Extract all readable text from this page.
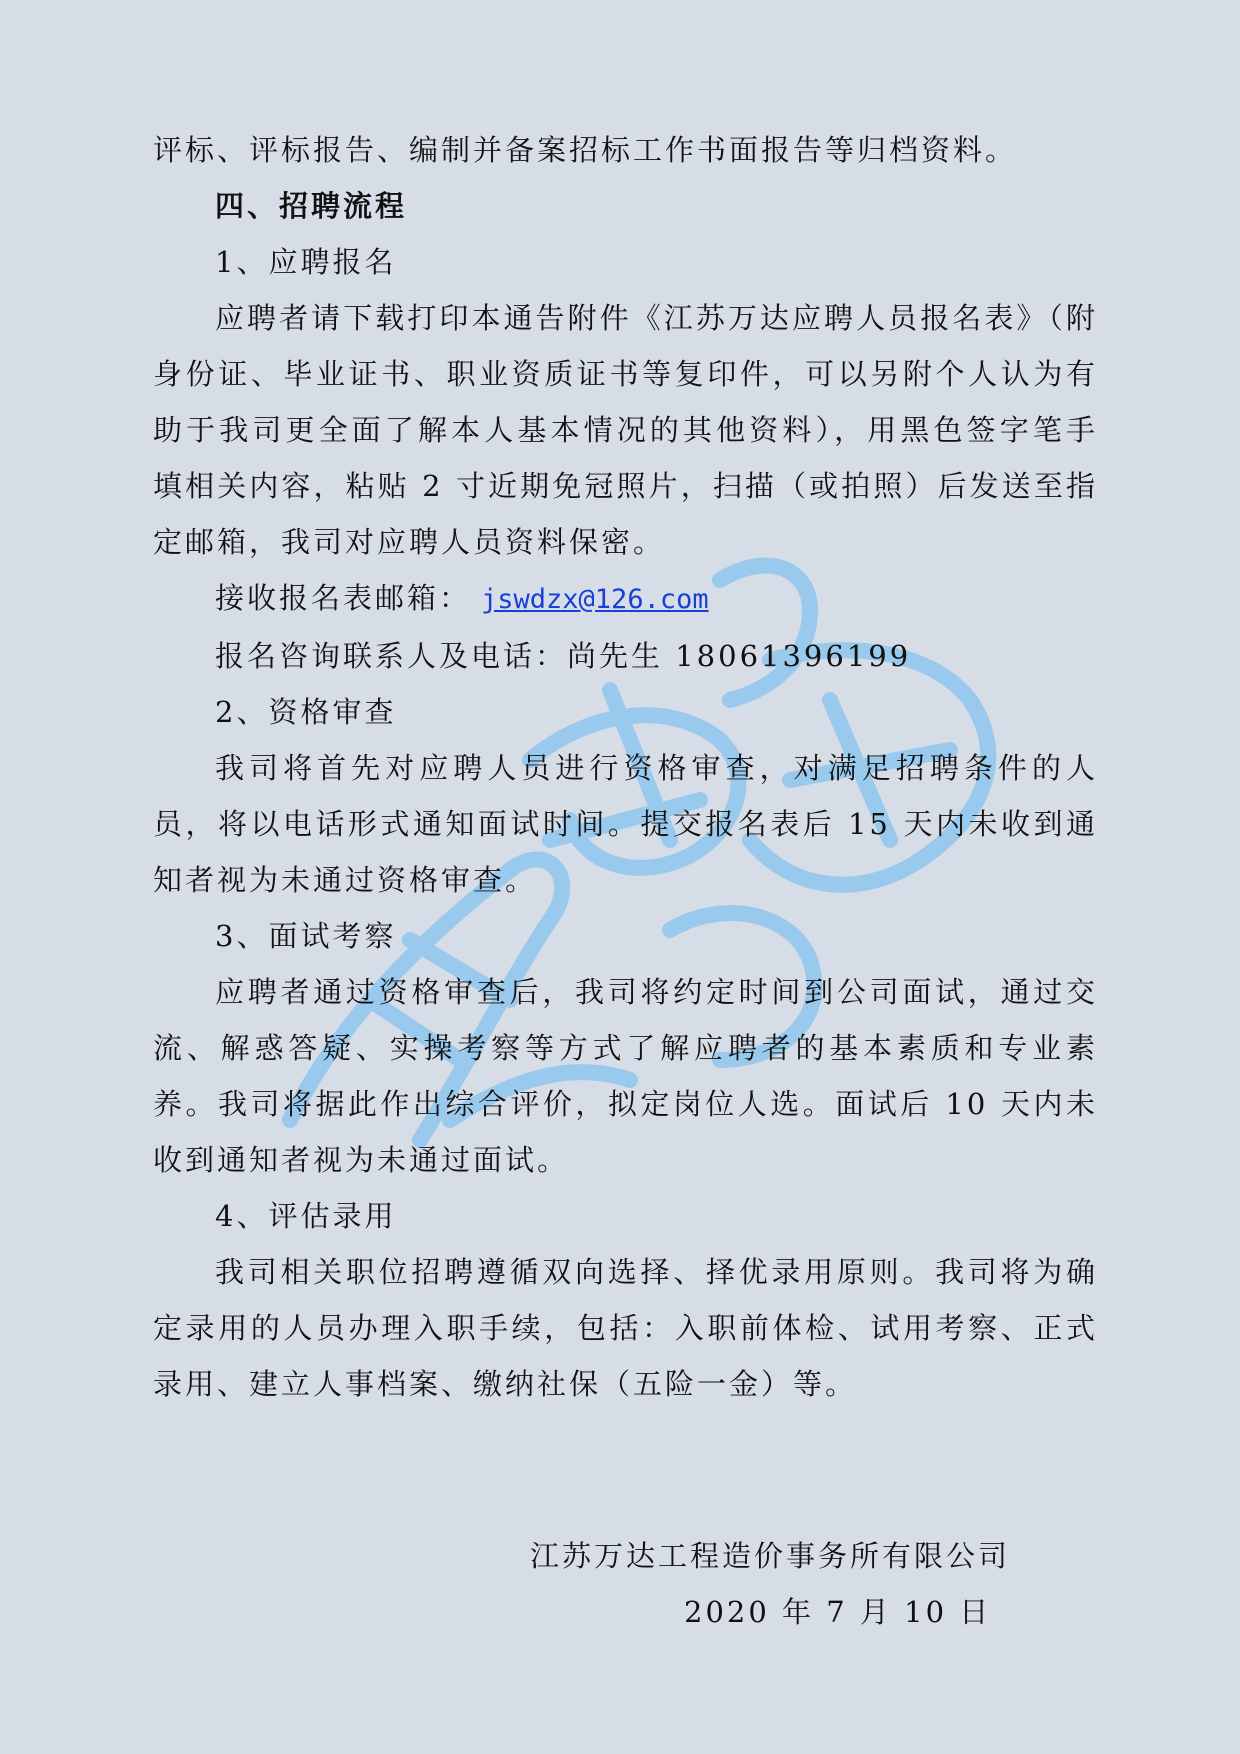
评标、评标报告、编制并备案招标工作书面报告等归档资料。

四、招聘流程

1、应聘报名

应聘者请下载打印本通告附件《江苏万达应聘人员报名表》（附身份证、毕业证书、职业资质证书等复印件，可以另附个人认为有助于我司更全面了解本人基本情况的其他资料），用黑色签字笔手填相关内容，粘贴 2 寸近期免冠照片，扫描（或拍照）后发送至指定邮箱，我司对应聘人员资料保密。

接收报名表邮箱： jswdzx@126.com

报名咨询联系人及电话：尚先生 18061396199

2、资格审查

我司将首先对应聘人员进行资格审查，对满足招聘条件的人员，将以电话形式通知面试时间。提交报名表后 15 天内未收到通知者视为未通过资格审查。

3、面试考察

应聘者通过资格审查后，我司将约定时间到公司面试，通过交流、解惑答疑、实操考察等方式了解应聘者的基本素质和专业素养。我司将据此作出综合评价，拟定岗位人选。面试后 10 天内未收到通知者视为未通过面试。

4、评估录用

我司相关职位招聘遵循双向选择、择优录用原则。我司将为确定录用的人员办理入职手续，包括：入职前体检、试用考察、正式录用、建立人事档案、缴纳社保（五险一金）等。

江苏万达工程造价事务所有限公司
2020 年 7 月 10 日
